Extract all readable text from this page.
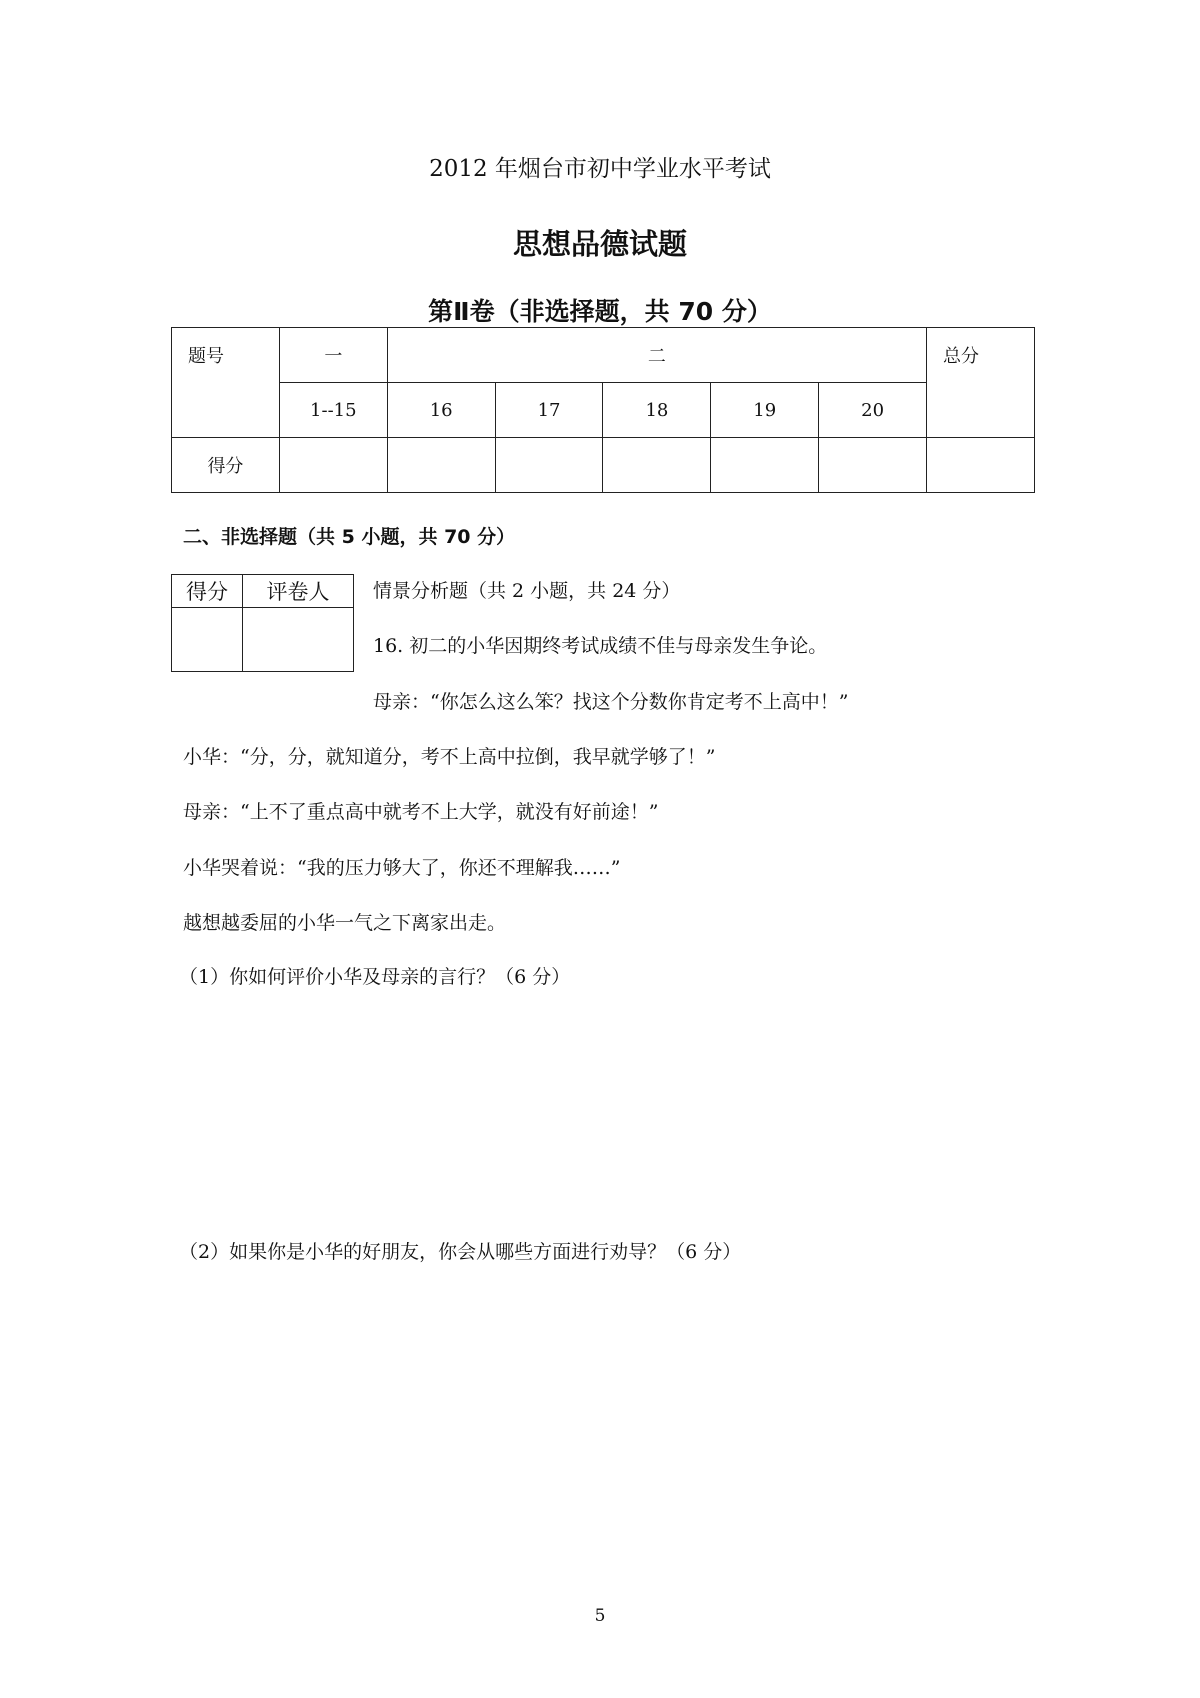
2012 年烟台市初中学业水平考试
思想品德试题
第Ⅱ卷（非选择题，共 70 分）
题号	一	二					总分
	1--15	16	17	18	19	20	
得分							
二、非选择题（共 5 小题，共 70 分）
得分	评卷人
	情景分析题（共 2 小题，共 24 分）
16. 初二的小华因期终考试成绩不佳与母亲发生争论。
母亲：“你怎么这么笨？找这个分数你肯定考不上高中！”
小华：“分，分，就知道分，考不上高中拉倒，我早就学够了！”
母亲：“上不了重点高中就考不上大学，就没有好前途！”
小华哭着说：“我的压力够大了，你还不理解我……”
越想越委屈的小华一气之下离家出走。
（1）你如何评价小华及母亲的言行？（6 分）
（2）如果你是小华的好朋友，你会从哪些方面进行劝导？（6 分）
5
